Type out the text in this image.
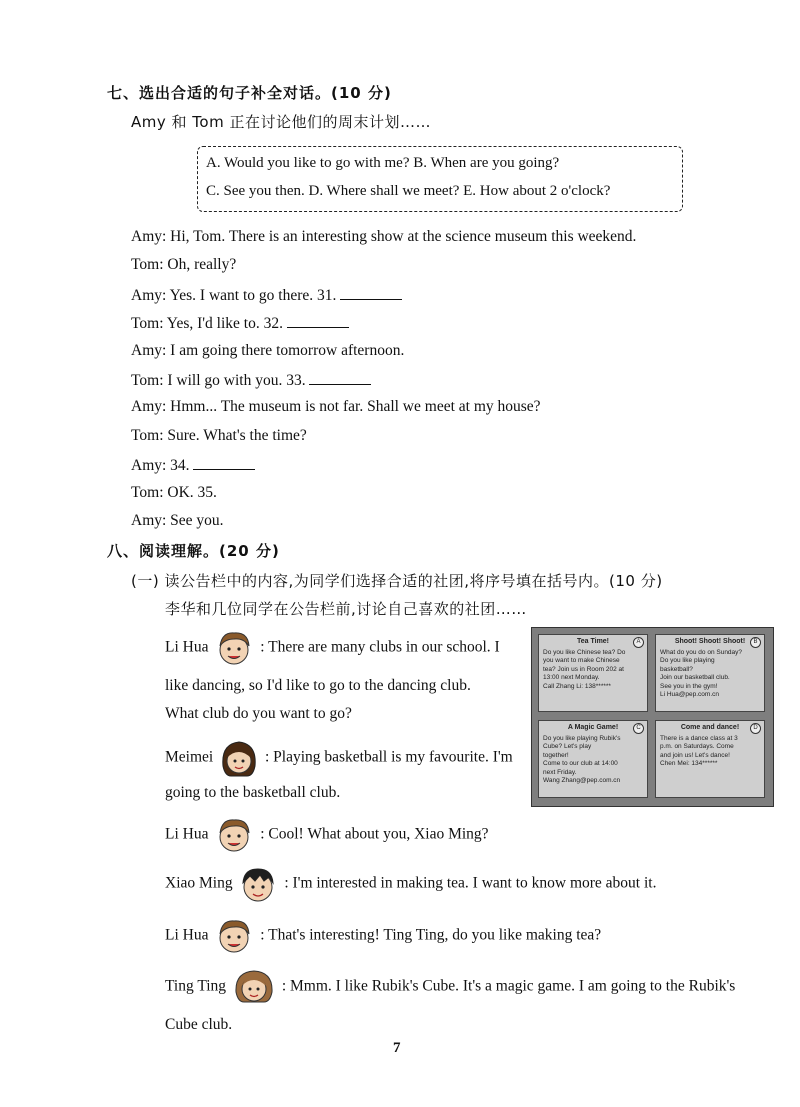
七、选出合适的句子补全对话。(10 分)
Amy 和 Tom 正在讨论他们的周末计划……
A. Would you like to go with me? B. When are you going?
C. See you then. D. Where shall we meet? E. How about 2 o'clock?
Amy: Hi, Tom. There is an interesting show at the science museum this weekend.
Tom: Oh, really?
Amy: Yes. I want to go there. 31.
Tom: Yes, I'd like to. 32.
Amy: I am going there tomorrow afternoon.
Tom: I will go with you. 33.
Amy: Hmm... The museum is not far. Shall we meet at my house?
Tom: Sure. What's the time?
Amy: 34.
Tom: OK. 35.
Amy: See you.
八、阅读理解。(20 分)
(一) 读公告栏中的内容,为同学们选择合适的社团,将序号填在括号内。(10 分)
李华和几位同学在公告栏前,讨论自己喜欢的社团……
Li Hua	: There are many clubs in our school. I
like dancing, so I'd like to go to the dancing club.
What club do you want to go?
Meimei	: Playing basketball is my favourite. I'm
going to the basketball club.
Li Hua	: Cool! What about you, Xiao Ming?
Xiao Ming	: I'm interested in making tea. I want to know more about it.
Li Hua	: That's interesting! Ting Ting, do you like making tea?
Ting Ting	: Mmm. I like Rubik's Cube. It's a magic game. I am going to the Rubik's
Cube club.
A
Tea Time!
Do you like Chinese tea? Do
you want to make Chinese
tea? Join us in Room 202 at
13:00 next Monday.
Call Zhang Li: 138******
B
Shoot! Shoot! Shoot!
What do you do on Sunday?
Do you like playing
basketball?
Join our basketball club.
See you in the gym!
Li Hua@pep.com.cn
C
A Magic Game!
Do you like playing Rubik's
Cube? Let's play
together!
Come to our club at 14:00
next Friday.
Wang Zhang@pep.com.cn
D
Come and dance!
There is a dance class at 3
p.m. on Saturdays. Come
and join us! Let's dance!
Chen Mei: 134******
7
